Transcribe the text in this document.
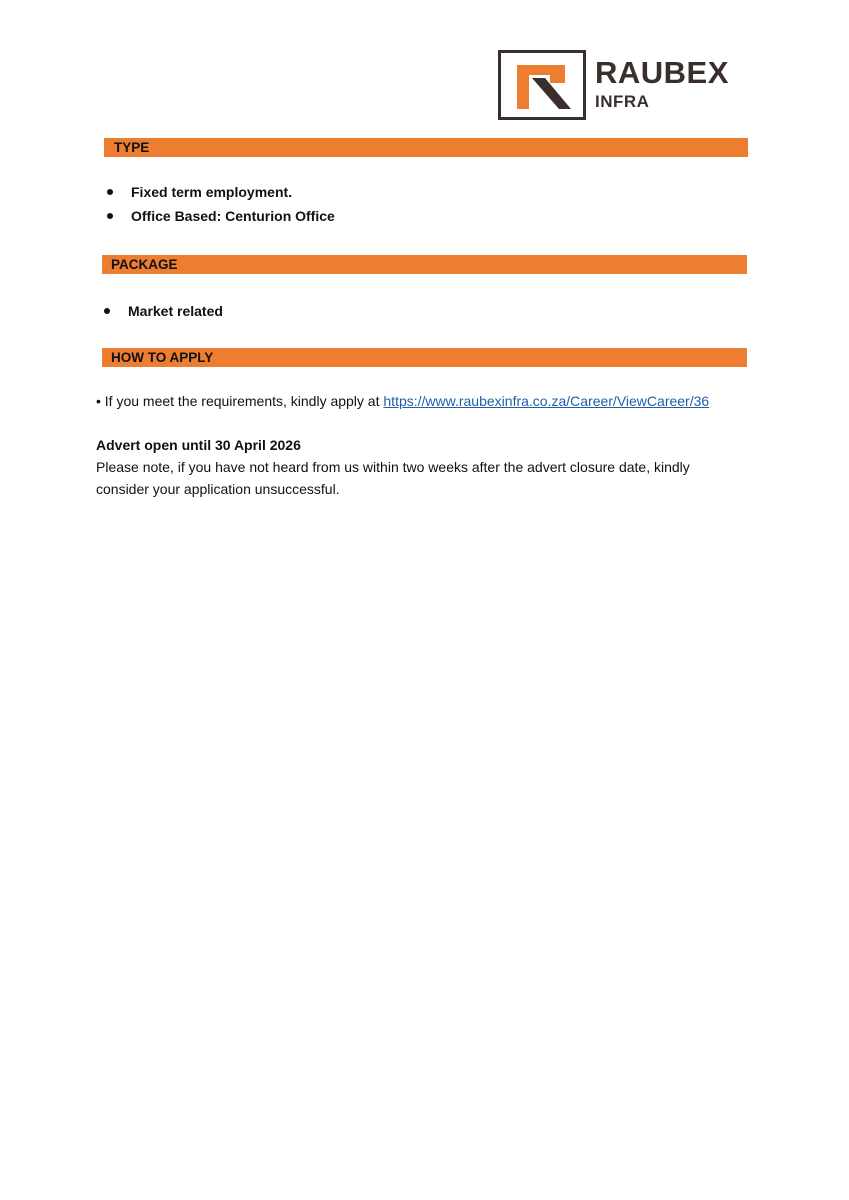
RAUBEX
INFRA
TYPE
Fixed term employment.
Office Based: Centurion Office
PACKAGE
Market related
HOW TO APPLY
• If you meet the requirements, kindly apply at https://www.raubexinfra.co.za/Career/ViewCareer/36
Advert open until 30 April 2026
Please note, if you have not heard from us within two weeks after the advert closure date, kindly
consider your application unsuccessful.
